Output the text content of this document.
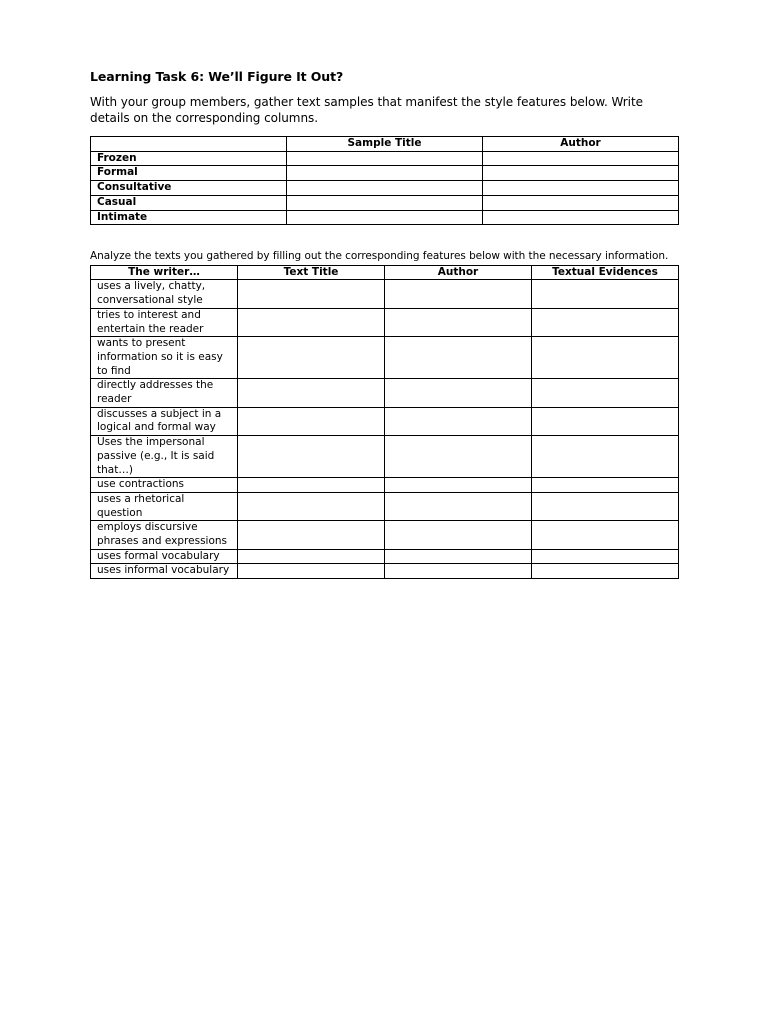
Learning Task 6: We’ll Figure It Out?
With your group members, gather text samples that manifest the style features below. Write details on the corresponding columns.
	Sample Title	Author
Frozen		
Formal		
Consultative		
Casual		
Intimate		
Analyze the texts you gathered by filling out the corresponding features below with the necessary information.
The writer…	Text Title	Author	Textual Evidences
uses a lively, chatty, conversational style			
tries to interest and entertain the reader			
wants to present information so it is easy to find			
directly addresses the reader			
discusses a subject in a logical and formal way			
Uses the impersonal passive (e.g., It is said that…)			
use contractions			
uses a rhetorical question			
employs discursive phrases and expressions			
uses formal vocabulary			
uses informal vocabulary			
